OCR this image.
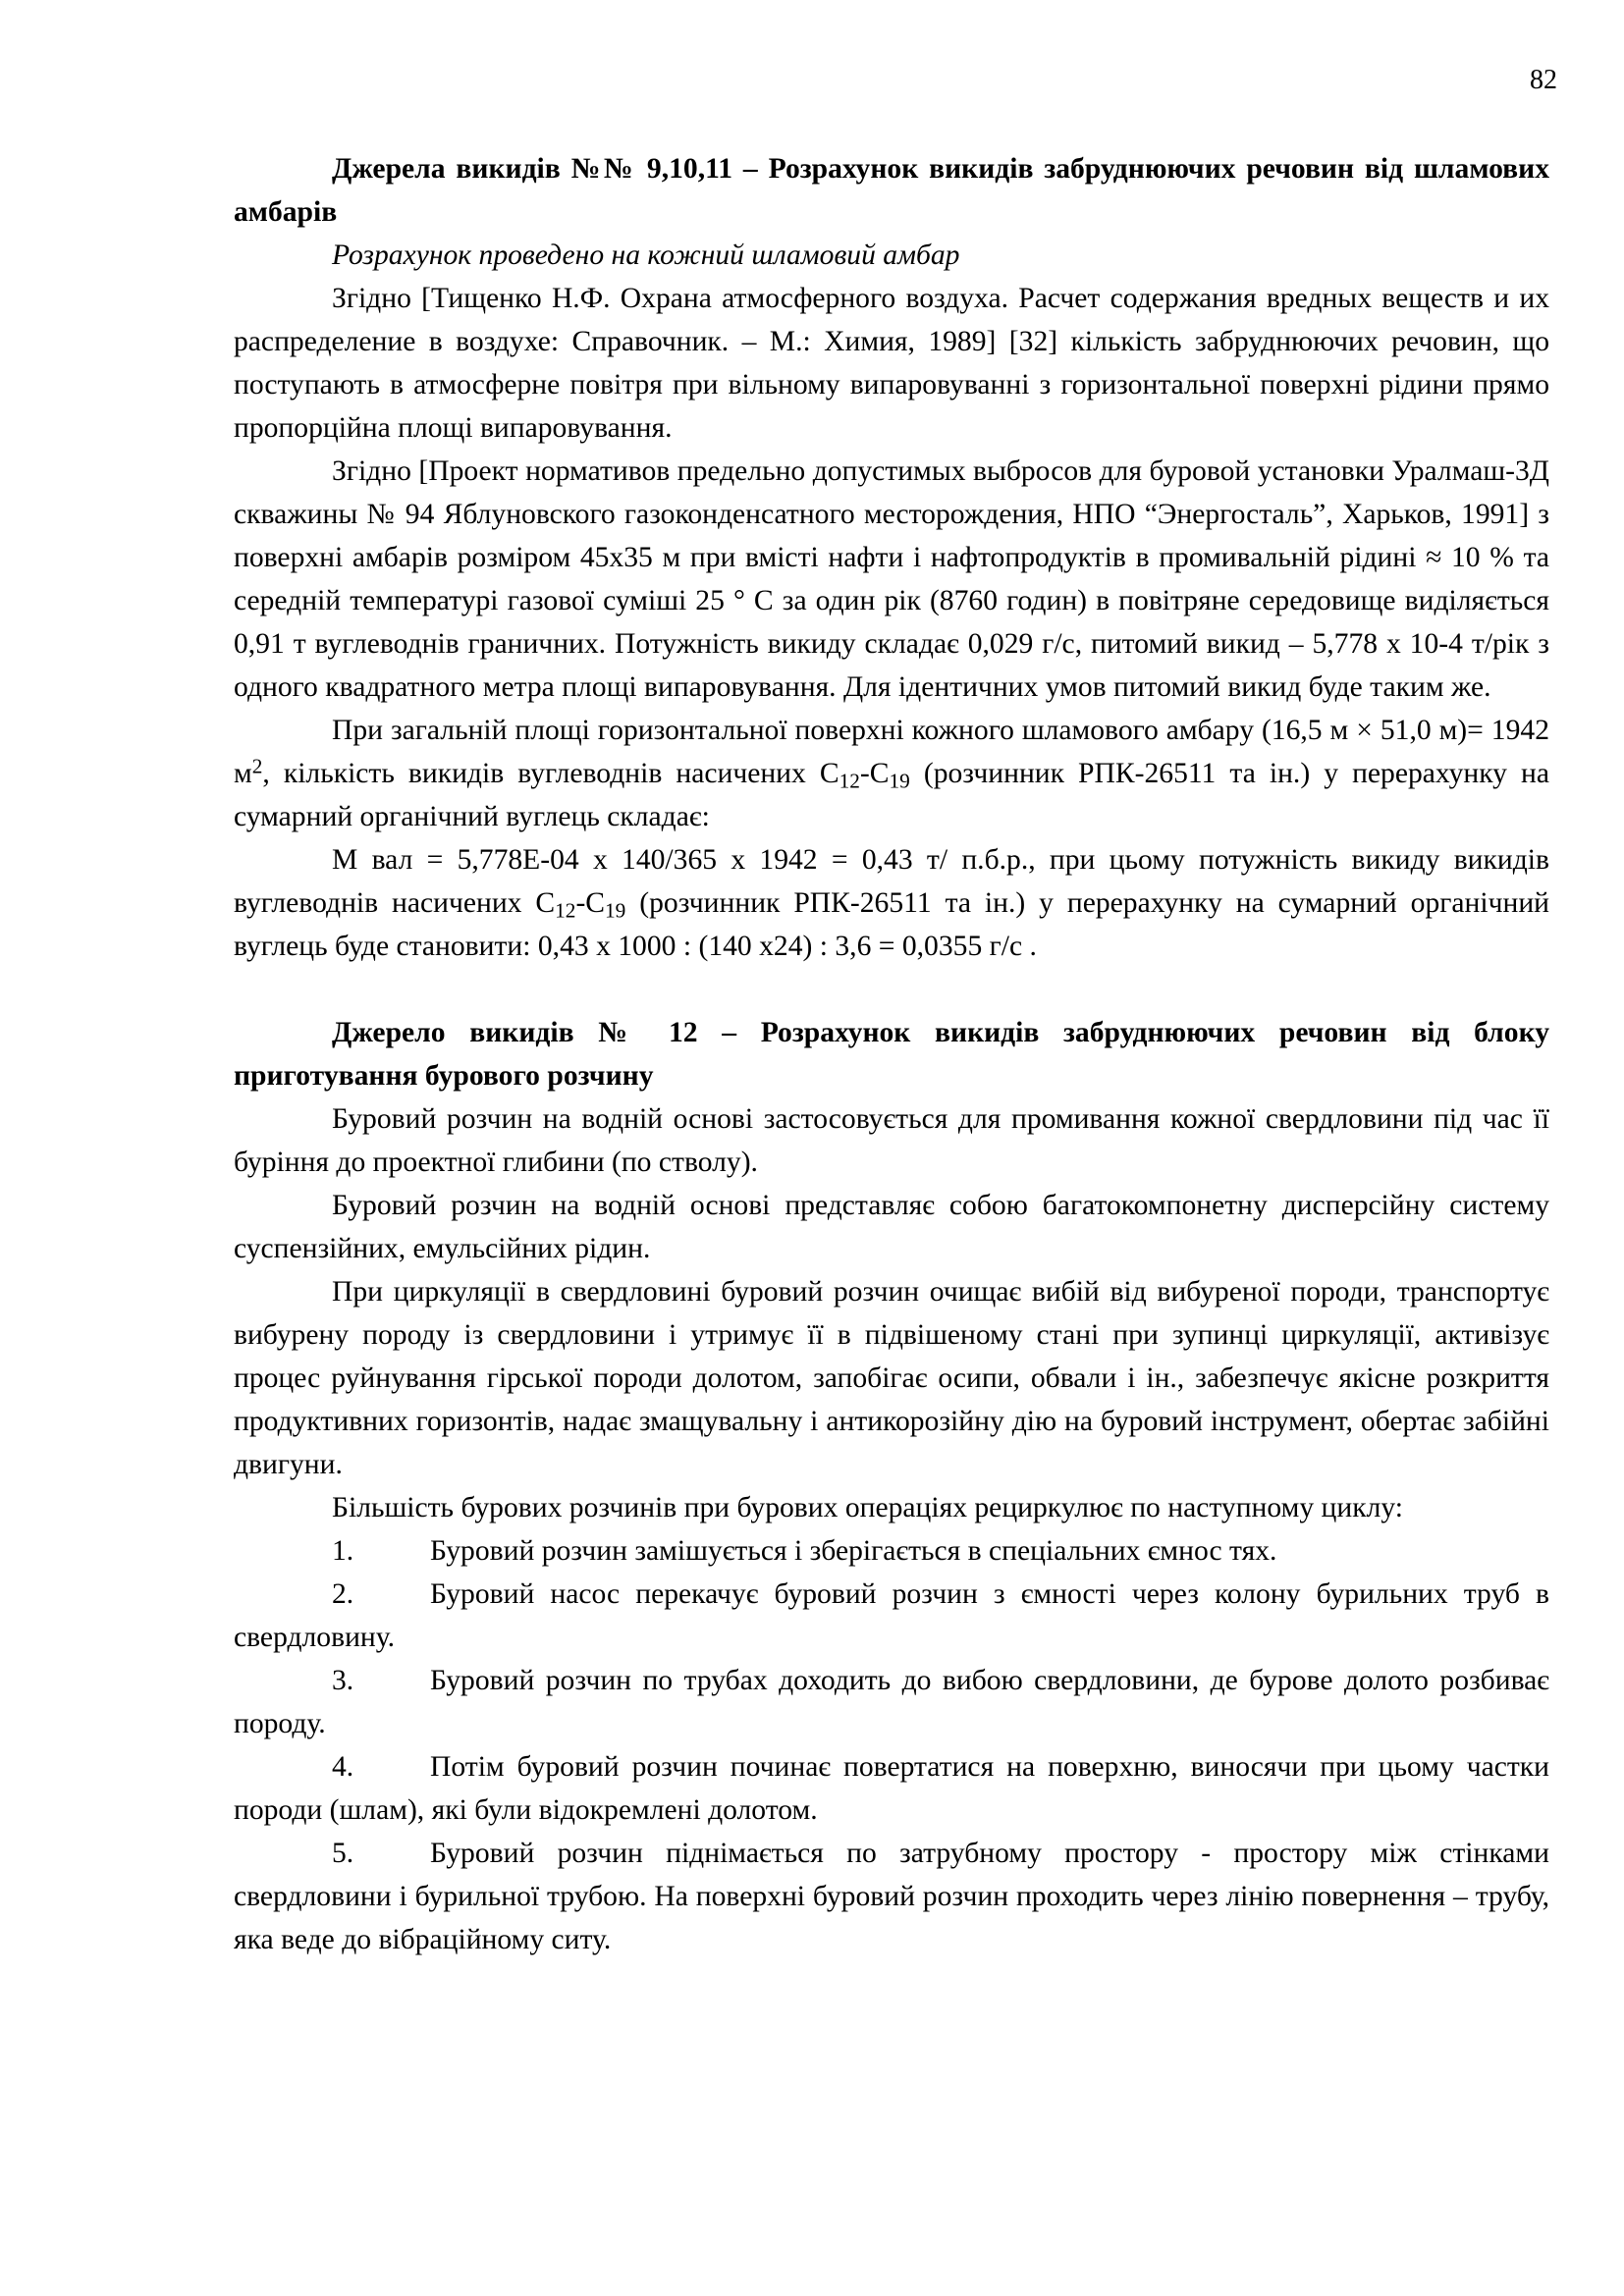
82

Джерела викидів №№ 9,10,11 – Розрахунок викидів забруднюючих речовин від шламових амбарів

Розрахунок проведено на кожний шламовий амбар

Згідно [Тищенко Н.Ф. Охрана атмосферного воздуха. Расчет содержания вредных веществ и их распределение в воздухе: Справочник. – М.: Химия, 1989] [32] кількість забруднюючих речовин, що поступають в атмосферне повітря при вільному випаровуванні з горизонтальної поверхні рідини прямо пропорційна площі випаровування.

Згідно [Проект нормативов предельно допустимых выбросов для буровой установки Уралмаш-3Д скважины № 94 Яблуновского газоконденсатного месторождения, НПО “Энергосталь”, Харьков, 1991] з поверхні амбарів розміром 45х35 м при вмісті нафти і нафтопродуктів в промивальній рідині ≈ 10 % та середній температурі газової суміші 25 ° С за один рік (8760 годин) в повітряне середовище виділяється 0,91 т вуглеводнів граничних. Потужність викиду складає 0,029 г/с, питомий викид – 5,778 х 10-4 т/рік з одного квадратного метра площі випаровування. Для ідентичних умов питомий викид буде таким же.

При загальній площі горизонтальної поверхні кожного шламового амбару (16,5 м × 51,0 м)= 1942 $м^2$, кількість викидів вуглеводнів насичених $С_{12}-С_{19}$ (розчинник РПК-26511 та ін.) у перерахунку на сумарний органічний вуглець складає:

М вал = 5,778Е-04 х 140/365 х 1942 = 0,43 т/ п.б.р., при цьому потужність викиду викидів вуглеводнів насичених $С_{12}-С_{19}$ (розчинник РПК-26511 та ін.) у перерахунку на сумарний органічний вуглець буде становити: 0,43 х 1000 : (140 х24) : 3,6 = 0,0355 г/с .

Джерело викидів № 12 – Розрахунок викидів забруднюючих речовин від блоку приготування бурового розчину

Буровий розчин на водній основі застосовується для промивання кожної свердловини під час її буріння до проектної глибини (по стволу).

Буровий розчин на водній основі представляє собою багатокомпонетну дисперсійну систему суспензійних, емульсійних рідин.

При циркуляції в свердловині буровий розчин очищає вибій від вибуреної породи, транспортує вибурену породу із свердловини і утримує її в підвішеному стані при зупинці циркуляції, активізує процес руйнування гірської породи долотом, запобігає осипи, обвали і ін., забезпечує якісне розкриття продуктивних горизонтів, надає змащувальну і антикорозійну дію на буровий інструмент, обертає забійні двигуни.

Більшість бурових розчинів при бурових операціях рециркулює по наступному циклу:

1.	Буровий розчин замішується і зберігається в спеціальних ємнос тях.

2.	Буровий насос перекачує буровий розчин з ємності через колону бурильних труб в свердловину.

3.	Буровий розчин по трубах доходить до вибою свердловини, де бурове долото розбиває породу.

4.	Потім буровий розчин починає повертатися на поверхню, виносячи при цьому частки породи (шлам), які були відокремлені долотом.

5.	Буровий розчин піднімається по затрубному простору - простору між стінками свердловини і бурильної трубою. На поверхні буровий розчин проходить через лінію повернення – трубу, яка веде до вібраційному ситу.
